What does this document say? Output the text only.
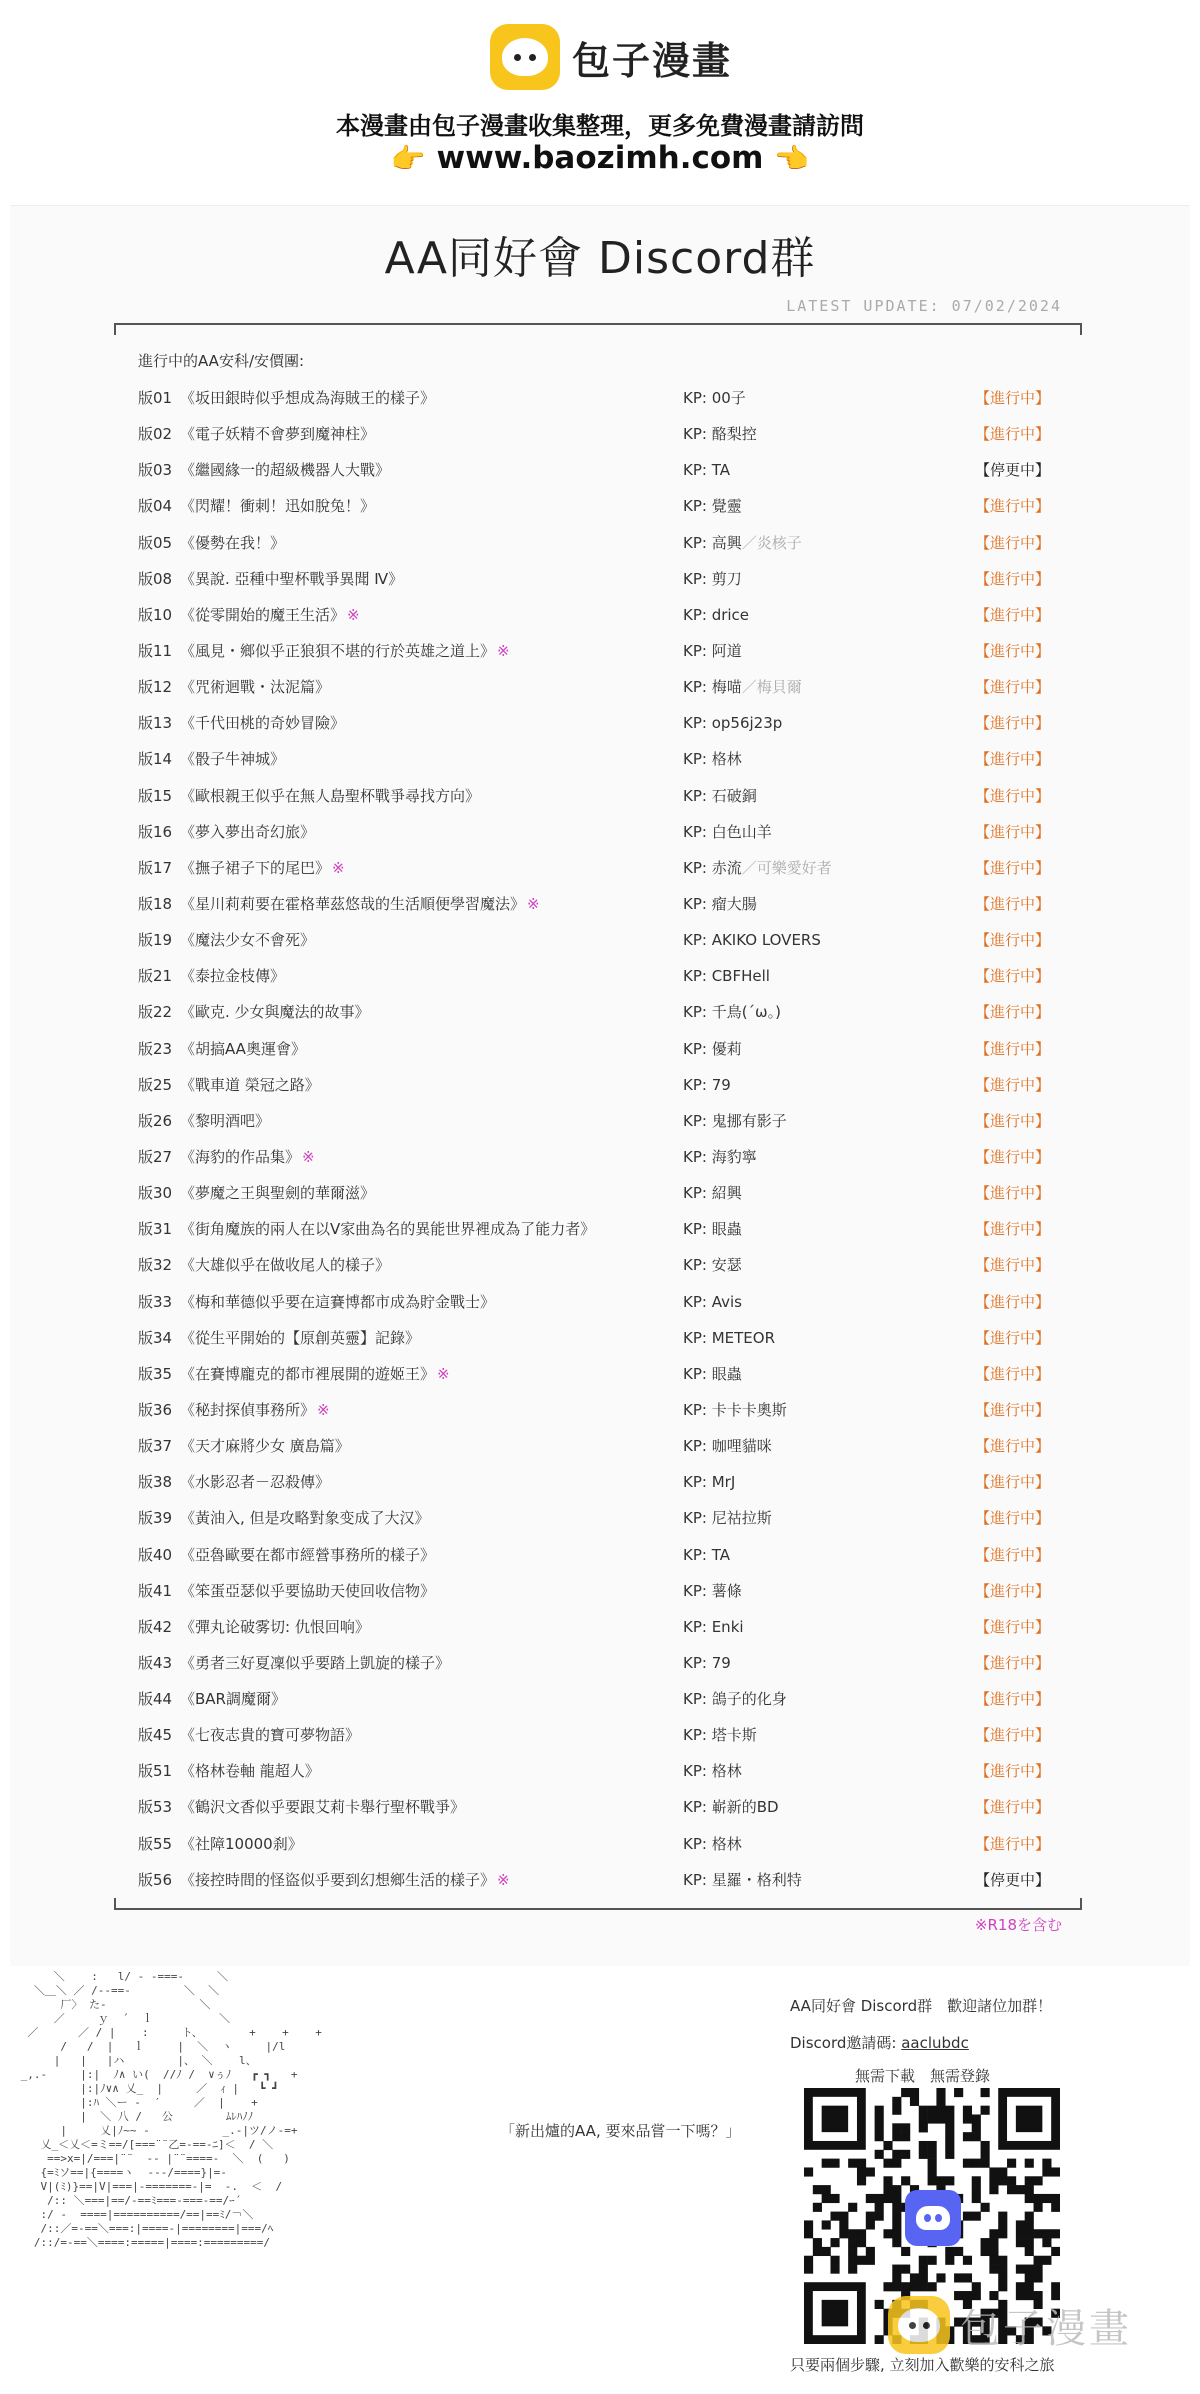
包子漫畫
本漫畫由包子漫畫收集整理，更多免費漫畫請訪問
👉 www.baozimh.com 👈
AA同好會 Discord群
LATEST UPDATE: 07/02/2024
進行中的AA安科/安價團:
版01 《坂田銀時似乎想成為海賊王的樣子》	KP: 00子	【進行中】
版02 《電子妖精不會夢到魔神柱》	KP: 酪梨控	【進行中】
版03 《繼國緣一的超級機器人大戰》	KP: TA	【停更中】
版04 《閃耀！衝刺！迅如脫兔！》	KP: 覺靈	【進行中】
版05 《優勢在我！》	KP: 高興／炎核子	【進行中】
版08 《異說. 亞種中聖杯戰爭異聞 Ⅳ》	KP: 剪刀	【進行中】
版10 《從零開始的魔王生活》 ※	KP: drice	【進行中】
版11 《風見・鄉似乎正狼狽不堪的行於英雄之道上》 ※	KP: 阿道	【進行中】
版12 《咒術迴戰・汰泥篇》	KP: 梅喵／梅貝爾	【進行中】
版13 《千代田桃的奇妙冒險》	KP: op56j23p	【進行中】
版14 《骰子牛神城》	KP: 格林	【進行中】
版15 《歐根親王似乎在無人島聖杯戰爭尋找方向》	KP: 石破銅	【進行中】
版16 《夢入夢出奇幻旅》	KP: 白色山羊	【進行中】
版17 《撫子裙子下的尾巴》 ※	KP: 赤流／可樂愛好者	【進行中】
版18 《星川莉莉要在霍格華茲悠哉的生活順便學習魔法》 ※	KP: 瘤大腸	【進行中】
版19 《魔法少女不會死》	KP: AKIKO LOVERS	【進行中】
版21 《泰拉金枝傳》	KP: CBFHell	【進行中】
版22 《歐克. 少女與魔法的故事》	KP: 千鳥(´ω｡)	【進行中】
版23 《胡搞AA奧運會》	KP: 優莉	【進行中】
版25 《戰車道 榮冠之路》	KP: 79	【進行中】
版26 《黎明酒吧》	KP: 鬼挪有影子	【進行中】
版27 《海豹的作品集》 ※	KP: 海豹寧	【進行中】
版30 《夢魔之王與聖劍的華爾滋》	KP: 紹興	【進行中】
版31 《街角魔族的兩人在以V家曲為名的異能世界裡成為了能力者》	KP: 眼蟲	【進行中】
版32 《大雄似乎在做收尾人的樣子》	KP: 安瑟	【進行中】
版33 《梅和華德似乎要在這賽博都市成為貯金戰士》	KP: Avis	【進行中】
版34 《從生平開始的【原創英靈】記錄》	KP: METEOR	【進行中】
版35 《在賽博龐克的都市裡展開的遊姬王》 ※	KP: 眼蟲	【進行中】
版36 《秘封探偵事務所》 ※	KP: 卡卡卡奧斯	【進行中】
版37 《天才麻將少女 廣島篇》	KP: 咖哩貓咪	【進行中】
版38 《水影忍者－忍殺傳》	KP: MrJ	【進行中】
版39 《黃油入, 但是攻略對象变成了大汉》	KP: 尼祜拉斯	【進行中】
版40 《亞魯歐要在都市經營事務所的樣子》	KP: TA	【進行中】
版41 《笨蛋亞瑟似乎要協助天使回收信物》	KP: 薯條	【進行中】
版42 《彈丸论破雾切: 仇恨回响》	KP: Enki	【進行中】
版43 《勇者三好夏凜似乎要踏上凱旋的樣子》	KP: 79	【進行中】
版44 《BAR調魔爾》	KP: 鴿子的化身	【進行中】
版45 《七夜志貴的寶可夢物語》	KP: 塔卡斯	【進行中】
版51 《格林卷軸 龍超人》	KP: 格林	【進行中】
版53 《鶴沢文香似乎要跟艾莉卡舉行聖杯戰爭》	KP: 嶄新的BD	【進行中】
版55 《社障10000刹》	KP: 格林	【進行中】
版56 《接控時間的怪盜似乎要到幻想鄉生活的樣子》 ※	KP: 星羅・格利特	【停更中】
※R18を含む
＼    :   l/ ‐ -===-     ＼
＼＿＼ ／ /--==‐        ＼  ＼
厂〉 た-              ＼
／     ｙ  ´  ｌ          ＼
／      ／ / |    :     ト、       +    +    +
/   /  |   ｌ     |  ＼  ヽ     |/l
|   |   |ハ        |、 ＼    l、
_,.-     |:|  ﾉ∧ い(  //ﾉ /  ∨ぅﾉ   ┏ ┓   +
|:|ﾉ∨∧ 乂_  |     ／  ｨ |   ┗ ┛
|:ﾊ ＼ー -  ′     ／  |    +
|  ＼ 八 /   公        ﾑﾚﾊﾉﾉ
|     乂|ﾉ~~ -           _.-|ツ/ノ-=+
乂_＜乂＜=ミ==/[===¨¨乙=-==-ﾆ]＜  / ＼
==>x=|/===|¨¨  -- |¨¨====-  ＼  (   )
{=ﾐソ==|{====ヽ  ---/====}|=-
V|(ﾐ)}==|V|===|-=======-|=  -.  ＜  /
/:: ＼===|==/-==ﾐ===-===-==/ｰ´
:/ -  ====|==========/==|==ﾐ/￢＼
/::／=-==＼===:|====-|========|===/ﾍ
/::/=-==＼====:=====|====:=========/

「新出爐的AA, 要來品嘗一下嗎？」
AA同好會 Discord群　歡迎諸位加群！
Discord邀請碼: aaclubdc
無需下載　無需登錄
包子漫畫
只要兩個步驟, 立刻加入歡樂的安科之旅
